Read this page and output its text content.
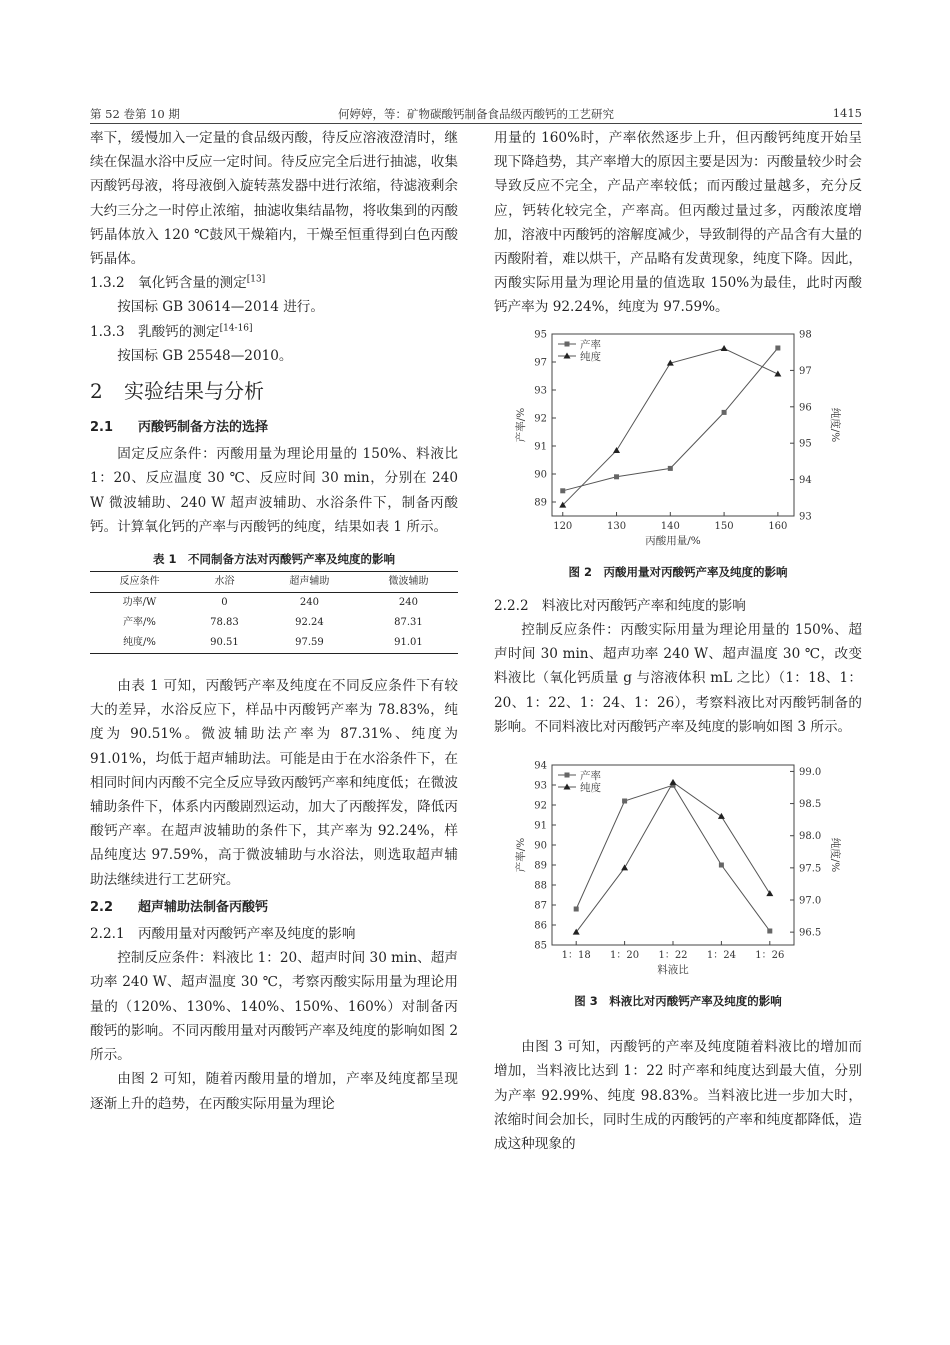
第 52 卷第 10 期	何婷婷，等：矿物碳酸钙制备食品级丙酸钙的工艺研究	1415

率下，缓慢加入一定量的食品级丙酸，待反应溶液澄清时，继续在保温水浴中反应一定时间。待反应完全后进行抽滤，收集丙酸钙母液，将母液倒入旋转蒸发器中进行浓缩，待滤液剩余大约三分之一时停止浓缩，抽滤收集结晶物，将收集到的丙酸钙晶体放入 120 ℃鼓风干燥箱内，干燥至恒重得到白色丙酸钙晶体。

1.3.2 氧化钙含量的测定[13]

按国标 GB 30614—2014 进行。

1.3.3 乳酸钙的测定[14-16]

按国标 GB 25548—2010。

2 实验结果与分析
2.1 丙酸钙制备方法的选择

固定反应条件：丙酸用量为理论用量的 150%、料液比 1：20、反应温度 30 ℃、反应时间 30 min，分别在 240 W 微波辅助、240 W 超声波辅助、水浴条件下，制备丙酸钙。计算氧化钙的产率与丙酸钙的纯度，结果如表 1 所示。

表 1　不同制备方法对丙酸钙产率及纯度的影响
反应条件	水浴	超声辅助	微波辅助
功率/W	0	240	240
产率/%	78.83	92.24	87.31
纯度/%	90.51	97.59	91.01

由表 1 可知，丙酸钙产率及纯度在不同反应条件下有较大的差异，水浴反应下，样品中丙酸钙产率为 78.83%，纯度为 90.51%。微波辅助法产率为 87.31%、纯度为 91.01%，均低于超声辅助法。可能是由于在水浴条件下，在相同时间内丙酸不完全反应导致丙酸钙产率和纯度低；在微波辅助条件下，体系内丙酸剧烈运动，加大了丙酸挥发，降低丙酸钙产率。在超声波辅助的条件下，其产率为 92.24%，样品纯度达 97.59%，高于微波辅助与水浴法，则选取超声辅助法继续进行工艺研究。

2.2 超声辅助法制备丙酸钙
2.2.1 丙酸用量对丙酸钙产率及纯度的影响

控制反应条件：料液比 1：20、超声时间 30 min、超声功率 240 W、超声温度 30 ℃，考察丙酸实际用量为理论用量的（120%、130%、140%、150%、160%）对制备丙酸钙的影响。不同丙酸用量对丙酸钙产率及纯度的影响如图 2 所示。

由图 2 可知，随着丙酸用量的增加，产率及纯度都呈现逐渐上升的趋势，在丙酸实际用量为理论

用量的 160%时，产率依然逐步上升，但丙酸钙纯度开始呈现下降趋势，其产率增大的原因主要是因为：丙酸量较少时会导致反应不完全，产品产率较低；而丙酸过量越多，充分反应，钙转化较完全，产率高。但丙酸过量过多，丙酸浓度增加，溶液中丙酸钙的溶解度减少，导致制得的产品含有大量的丙酸附着，难以烘干，产品略有发黄现象，纯度下降。因此，丙酸实际用量为理论用量的值选取 150%为最佳，此时丙酸钙产率为 92.24%，纯度为 97.59%。

120	130	140	150	160
89
90
91
92
93
97
95
93
94
95
96
97
98
丙酸用量/%
产率/%	纯度/%
产率
纯度
图 2　丙酸用量对丙酸钙产率及纯度的影响
2.2.2 料液比对丙酸钙产率和纯度的影响

控制反应条件：丙酸实际用量为理论用量的 150%、超声时间 30 min、超声功率 240 W、超声温度 30 ℃，改变料液比（氧化钙质量 g 与溶液体积 mL 之比）（1：18、1：20、1：22、1：24、1：26），考察料液比对丙酸钙制备的影响。不同料液比对丙酸钙产率及纯度的影响如图 3 所示。

1：18 1：20 1：22 1：24 1：26
85
86
87
88
89
90
91
92
93
94
96.5
97.0
97.5
98.0
98.5
99.0
料液比
产率/%	纯度/%
产率
纯度
图 3　料液比对丙酸钙产率及纯度的影响

由图 3 可知，丙酸钙的产率及纯度随着料液比的增加而增加，当料液比达到 1：22 时产率和纯度达到最大值，分别为产率 92.99%、纯度 98.83%。当料液比进一步加大时，浓缩时间会加长，同时生成的丙酸钙的产率和纯度都降低，造成这种现象的
